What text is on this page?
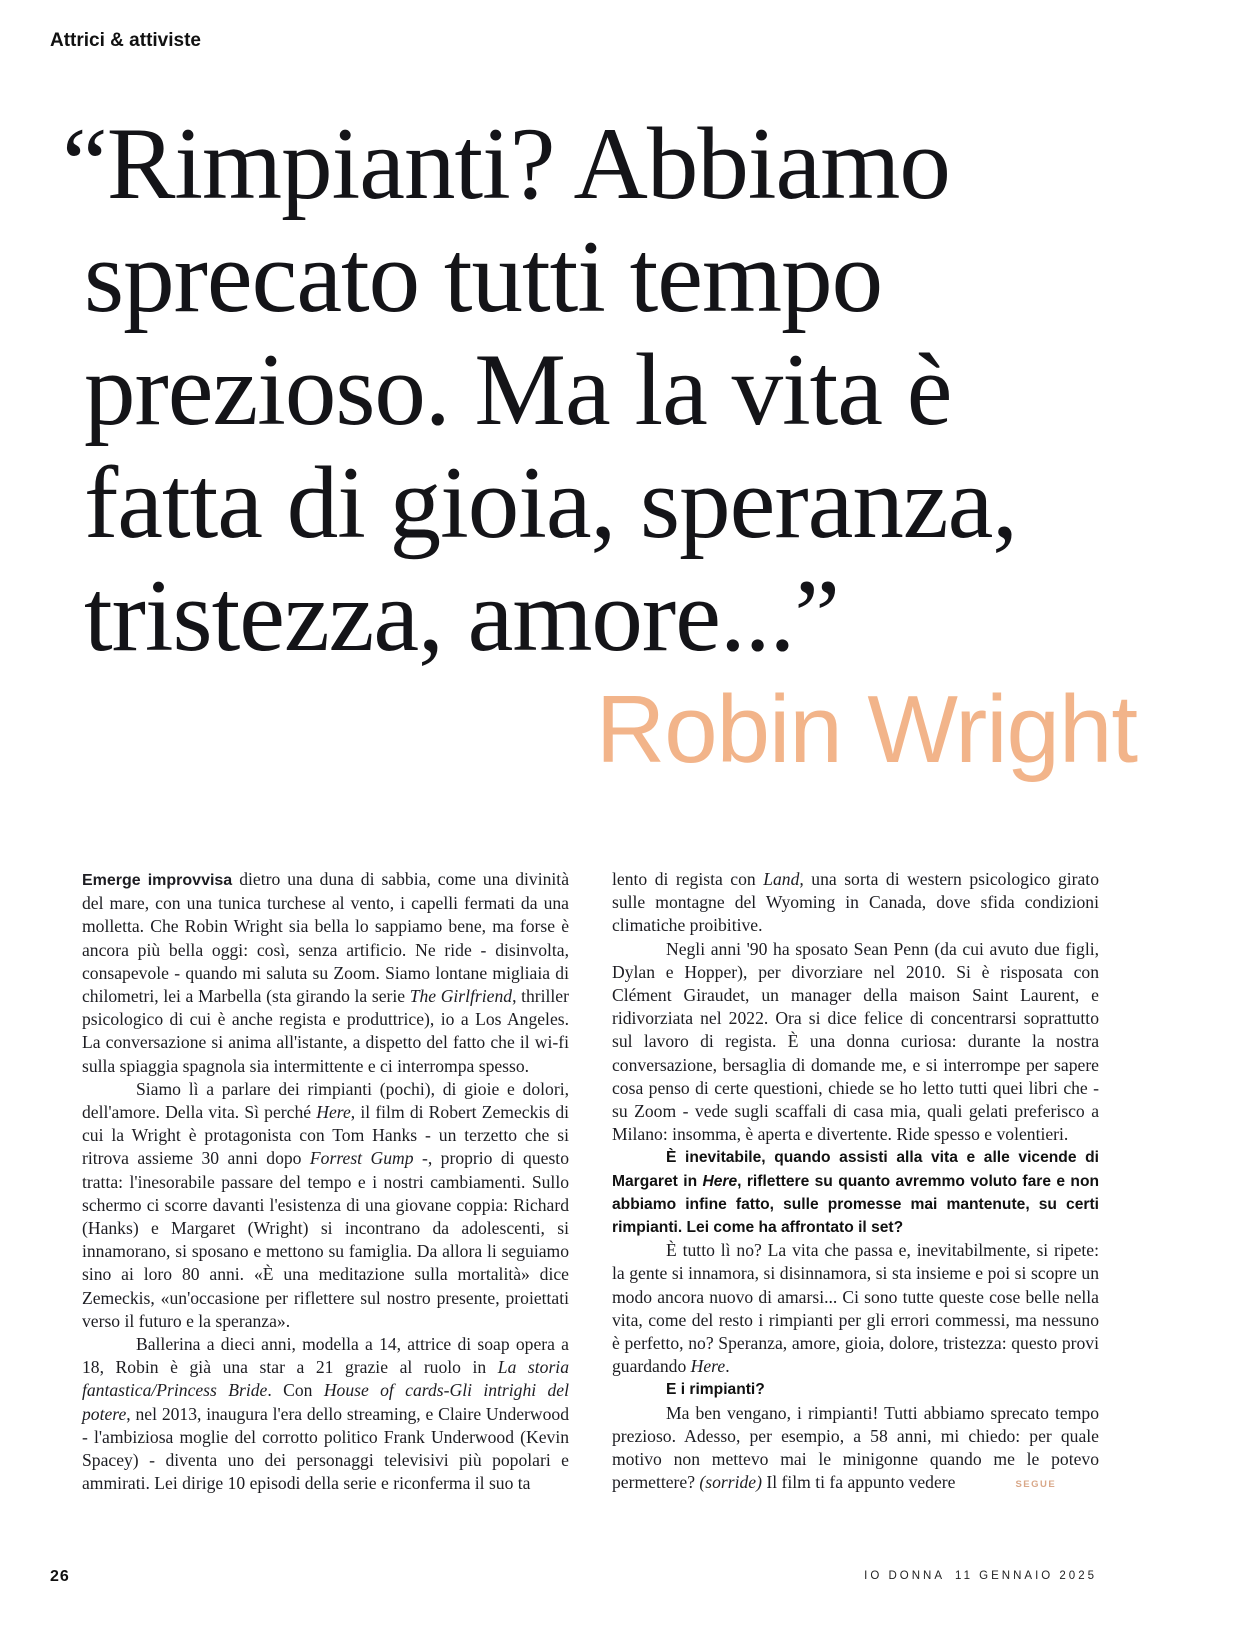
Attrici & attiviste
“Rimpianti? Abbiamo
sprecato tutti tempo
prezioso. Ma la vita è
fatta di gioia, speranza,
tristezza, amore...”
Robin Wright

Emerge improvvisa dietro una duna di sabbia, come una divinità del mare, con una tunica turchese al vento, i capelli fermati da una molletta. Che Robin Wright sia bella lo sappiamo bene, ma forse è ancora più bella oggi: così, senza artificio. Ne ride - disinvolta, consapevole - quando mi saluta su Zoom. Siamo lontane migliaia di chilometri, lei a Marbella (sta girando la serie The Girlfriend, thriller psicologico di cui è anche regista e produttrice), io a Los Angeles. La conversazione si anima all'istante, a dispetto del fatto che il wi-fi sulla spiaggia spagnola sia intermittente e ci interrompa spesso.

Siamo lì a parlare dei rimpianti (pochi), di gioie e dolori, dell'amore. Della vita. Sì perché Here, il film di Robert Zemeckis di cui la Wright è protagonista con Tom Hanks - un terzetto che si ritrova assieme 30 anni dopo Forrest Gump -, proprio di questo tratta: l'inesorabile passare del tempo e i nostri cambiamenti. Sullo schermo ci scorre davanti l'esistenza di una giovane coppia: Richard (Hanks) e Margaret (Wright) si incontrano da adolescenti, si innamorano, si sposano e mettono su famiglia. Da allora li seguiamo sino ai loro 80 anni. «È una meditazione sulla mortalità» dice Zemeckis, «un'occasione per riflettere sul nostro presente, proiettati verso il futuro e la speranza».

Ballerina a dieci anni, modella a 14, attrice di soap opera a 18, Robin è già una star a 21 grazie al ruolo in La storia fantastica/Princess Bride. Con House of cards-Gli intrighi del potere, nel 2013, inaugura l'era dello streaming, e Claire Underwood - l'ambiziosa moglie del corrotto politico Frank Underwood (Kevin Spacey) - diventa uno dei personaggi televisivi più popolari e ammirati. Lei dirige 10 episodi della serie e riconferma il suo ta

lento di regista con Land, una sorta di western psicologico girato sulle montagne del Wyoming in Canada, dove sfida condizioni climatiche proibitive.

Negli anni '90 ha sposato Sean Penn (da cui avuto due figli, Dylan e Hopper), per divorziare nel 2010. Si è risposata con Clément Giraudet, un manager della maison Saint Laurent, e ridivorziata nel 2022. Ora si dice felice di concentrarsi soprattutto sul lavoro di regista. È una donna curiosa: durante la nostra conversazione, bersaglia di domande me, e si interrompe per sapere cosa penso di certe questioni, chiede se ho letto tutti quei libri che - su Zoom - vede sugli scaffali di casa mia, quali gelati preferisco a Milano: insomma, è aperta e divertente. Ride spesso e volentieri.

È inevitabile, quando assisti alla vita e alle vicende di Margaret in Here, riflettere su quanto avremmo voluto fare e non abbiamo infine fatto, sulle promesse mai mantenute, su certi rimpianti. Lei come ha affrontato il set?

È tutto lì no? La vita che passa e, inevitabilmente, si ripete: la gente si innamora, si disinnamora, si sta insieme e poi si scopre un modo ancora nuovo di amarsi... Ci sono tutte queste cose belle nella vita, come del resto i rimpianti per gli errori commessi, ma nessuno è perfetto, no? Speranza, amore, gioia, dolore, tristezza: questo provi guardando Here.

E i rimpianti?

Ma ben vengano, i rimpianti! Tutti abbiamo sprecato tempo prezioso. Adesso, per esempio, a 58 anni, mi chiedo: per quale motivo non mettevo mai le minigonne quando me le potevo permettere? (sorride) Il film ti fa appunto vedere	SEGUE

26	IO DONNA 11 GENNAIO 2025
